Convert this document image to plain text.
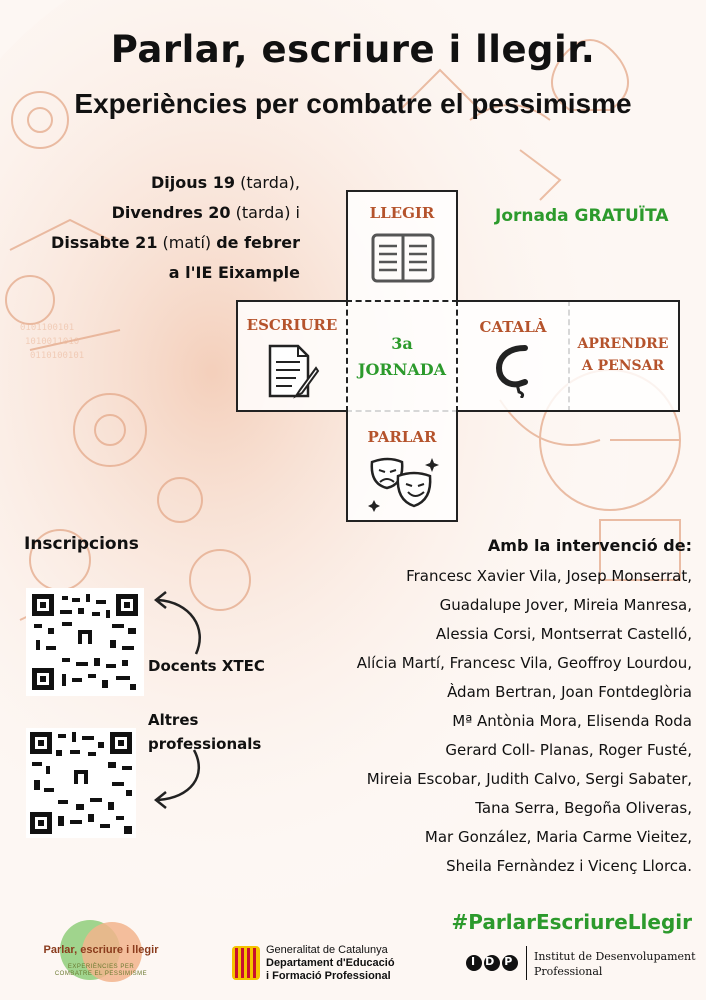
0101100101
1010011010
0110100101
Parlar, escriure i llegir.
Experiències per combatre el pessimisme
Dijous 19 (tarda),
Divendres 20 (tarda) i
Dissabte 21 (matí) de febrer
a l'IE Eixample
Jornada GRATUÏTA
LLEGIR
ESCRIURE
3a
JORNADA
CATALÀ
APRENDRE
A PENSAR
PARLAR
Inscripcions
Docents XTEC
Altres
professionals
Amb la intervenció de:
Francesc Xavier Vila, Josep Monserrat,
Guadalupe Jover, Mireia Manresa,
Alessia Corsi, Montserrat Castelló,
Alícia Martí, Francesc Vila, Geoffroy Lourdou,
Àdam Bertran, Joan Fontdeglòria
Mª Antònia Mora, Elisenda Roda
Gerard Coll- Planas, Roger Fusté,
Mireia Escobar, Judith Calvo, Sergi Sabater,
Tana Serra, Begoña Oliveras,
Mar González, Maria Carme Vieitez,
Sheila Fernàndez i Vicenç Llorca.
#ParlarEscriureLlegir
Parlar, escriure i llegir
EXPERIÈNCIES PER
COMBATRE EL PESSIMISME
Generalitat de Catalunya
Departament d'Educació
i Formació Professional
IDP Institut de Desenvolupament
Professional
